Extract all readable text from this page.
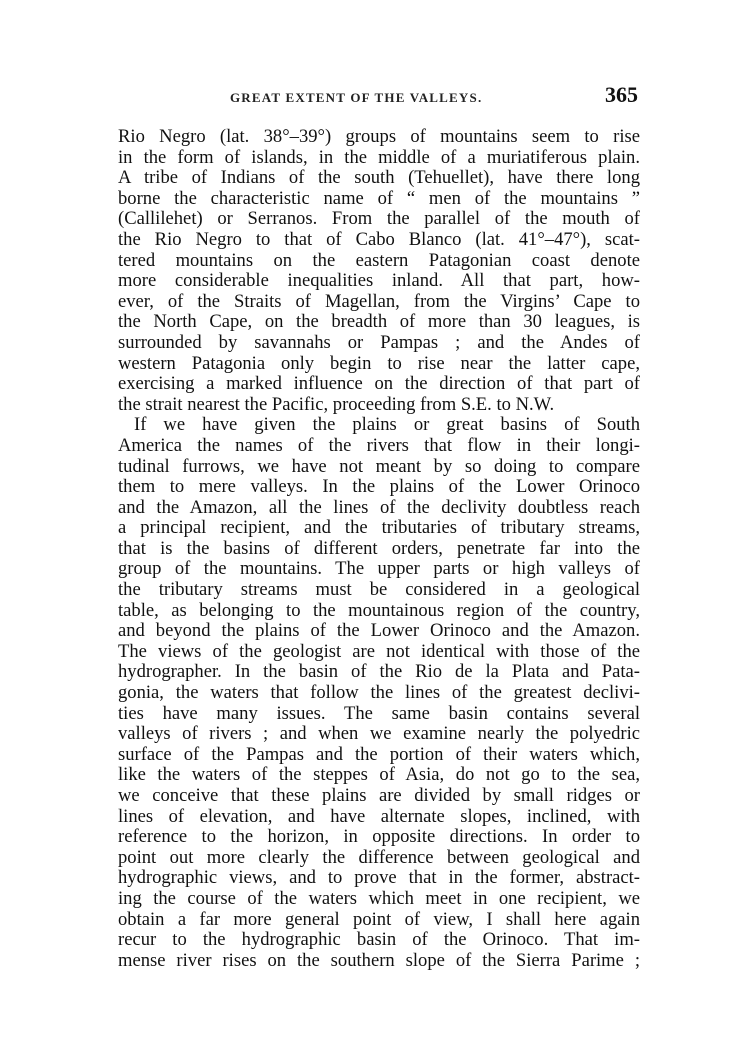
GREAT EXTENT OF THE VALLEYS.	365
Rio Negro (lat. 38°–39°) groups of mountains seem to rise
in the form of islands, in the middle of a muriatiferous plain.
A tribe of Indians of the south (Tehuellet), have there long
borne the characteristic name of “ men of the mountains ”
(Callilehet) or Serranos. From the parallel of the mouth of
the Rio Negro to that of Cabo Blanco (lat. 41°–47°), scat-
tered mountains on the eastern Patagonian coast denote
more considerable inequalities inland. All that part, how-
ever, of the Straits of Magellan, from the Virgins’ Cape to
the North Cape, on the breadth of more than 30 leagues, is
surrounded by savannahs or Pampas ; and the Andes of
western Patagonia only begin to rise near the latter cape,
exercising a marked influence on the direction of that part of
the strait nearest the Pacific, proceeding from S.E. to N.W.
If we have given the plains or great basins of South
America the names of the rivers that flow in their longi-
tudinal furrows, we have not meant by so doing to compare
them to mere valleys. In the plains of the Lower Orinoco
and the Amazon, all the lines of the declivity doubtless reach
a principal recipient, and the tributaries of tributary streams,
that is the basins of different orders, penetrate far into the
group of the mountains. The upper parts or high valleys of
the tributary streams must be considered in a geological
table, as belonging to the mountainous region of the country,
and beyond the plains of the Lower Orinoco and the Amazon.
The views of the geologist are not identical with those of the
hydrographer. In the basin of the Rio de la Plata and Pata-
gonia, the waters that follow the lines of the greatest declivi-
ties have many issues. The same basin contains several
valleys of rivers ; and when we examine nearly the polyedric
surface of the Pampas and the portion of their waters which,
like the waters of the steppes of Asia, do not go to the sea,
we conceive that these plains are divided by small ridges or
lines of elevation, and have alternate slopes, inclined, with
reference to the horizon, in opposite directions. In order to
point out more clearly the difference between geological and
hydrographic views, and to prove that in the former, abstract-
ing the course of the waters which meet in one recipient, we
obtain a far more general point of view, I shall here again
recur to the hydrographic basin of the Orinoco. That im-
mense river rises on the southern slope of the Sierra Parime ;
